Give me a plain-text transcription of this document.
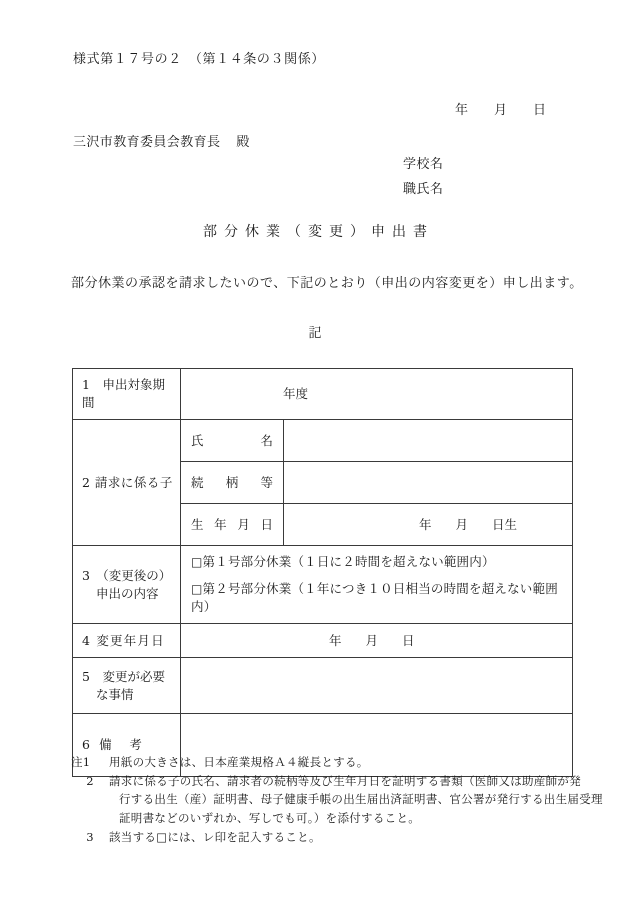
様式第１７号の２　（第１４条の３関係）
年 月 日
三沢市教育委員会教育長 殿
学校名
職氏名
部分休業（変更）申出書
部分休業の承認を請求したいので、下記のとおり（申出の内容変更を）申し出ます。
記
1　申出対象期
間	年度	

2 請求に係る子	氏 名	

	続 柄 等	

	生 年 月 日	年 月 日生

3　（変更後の）
申出の内容

□第１号部分休業（１日に２時間を超えない範囲内）
□第２号部分休業（１年につき１０日相当の時間を超えない範囲内）

4 変更年月日	年 月 日	

5　変更が必要
な事情		

6 備　考		

注1 用紙の大きさは、日本産業規格Ａ４縦長とする。
2 請求に係る子の氏名、請求者の続柄等及び生年月日を証明する書類（医師又は助産師が発
行する出生（産）証明書、母子健康手帳の出生届出済証明書、官公署が発行する出生届受理
証明書などのいずれか、写しでも可。）を添付すること。
3 該当する□には、レ印を記入すること。
